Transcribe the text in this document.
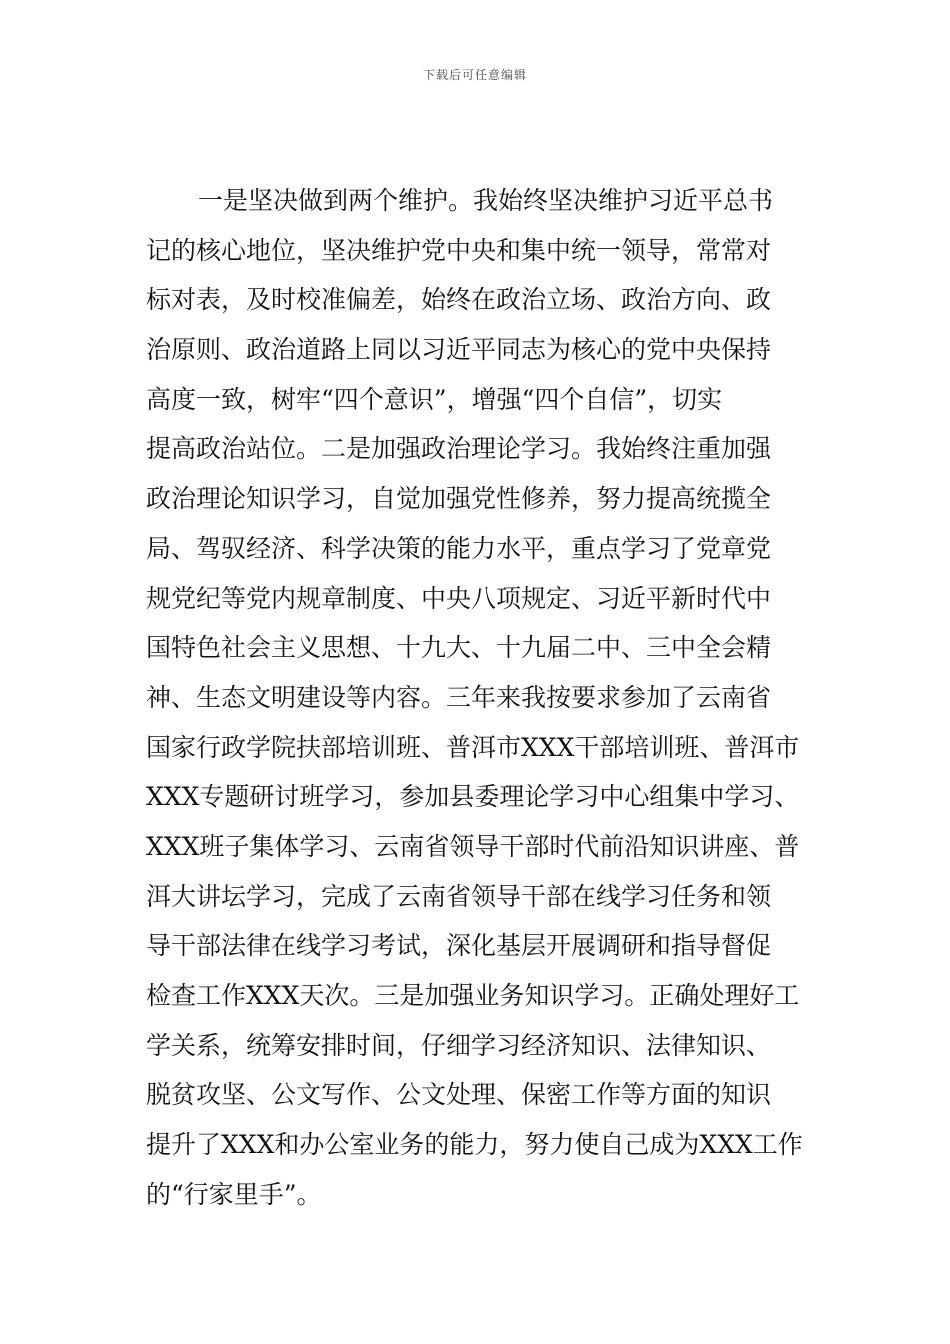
下载后可任意编辑
一是坚决做到两个维护。我始终坚决维护习近平总书
记的核心地位，坚决维护党中央和集中统一领导，常常对
标对表，及时校准偏差，始终在政治立场、政治方向、政
治原则、政治道路上同以习近平同志为核心的党中央保持
高度一致，树牢“四个意识”，增强“四个自信”，切实
提高政治站位。二是加强政治理论学习。我始终注重加强
政治理论知识学习，自觉加强党性修养，努力提高统揽全
局、驾驭经济、科学决策的能力水平，重点学习了党章党
规党纪等党内规章制度、中央八项规定、习近平新时代中
国特色社会主义思想、十九大、十九届二中、三中全会精
神、生态文明建设等内容。三年来我按要求参加了云南省
国家行政学院扶部培训班、普洱市XXX干部培训班、普洱市
XXX专题研讨班学习，参加县委理论学习中心组集中学习、
XXX班子集体学习、云南省领导干部时代前沿知识讲座、普
洱大讲坛学习，完成了云南省领导干部在线学习任务和领
导干部法律在线学习考试，深化基层开展调研和指导督促
检查工作XXX天次。三是加强业务知识学习。正确处理好工
学关系，统筹安排时间，仔细学习经济知识、法律知识、
脱贫攻坚、公文写作、公文处理、保密工作等方面的知识
提升了XXX和办公室业务的能力，努力使自己成为XXX工作
的“行家里手”。
